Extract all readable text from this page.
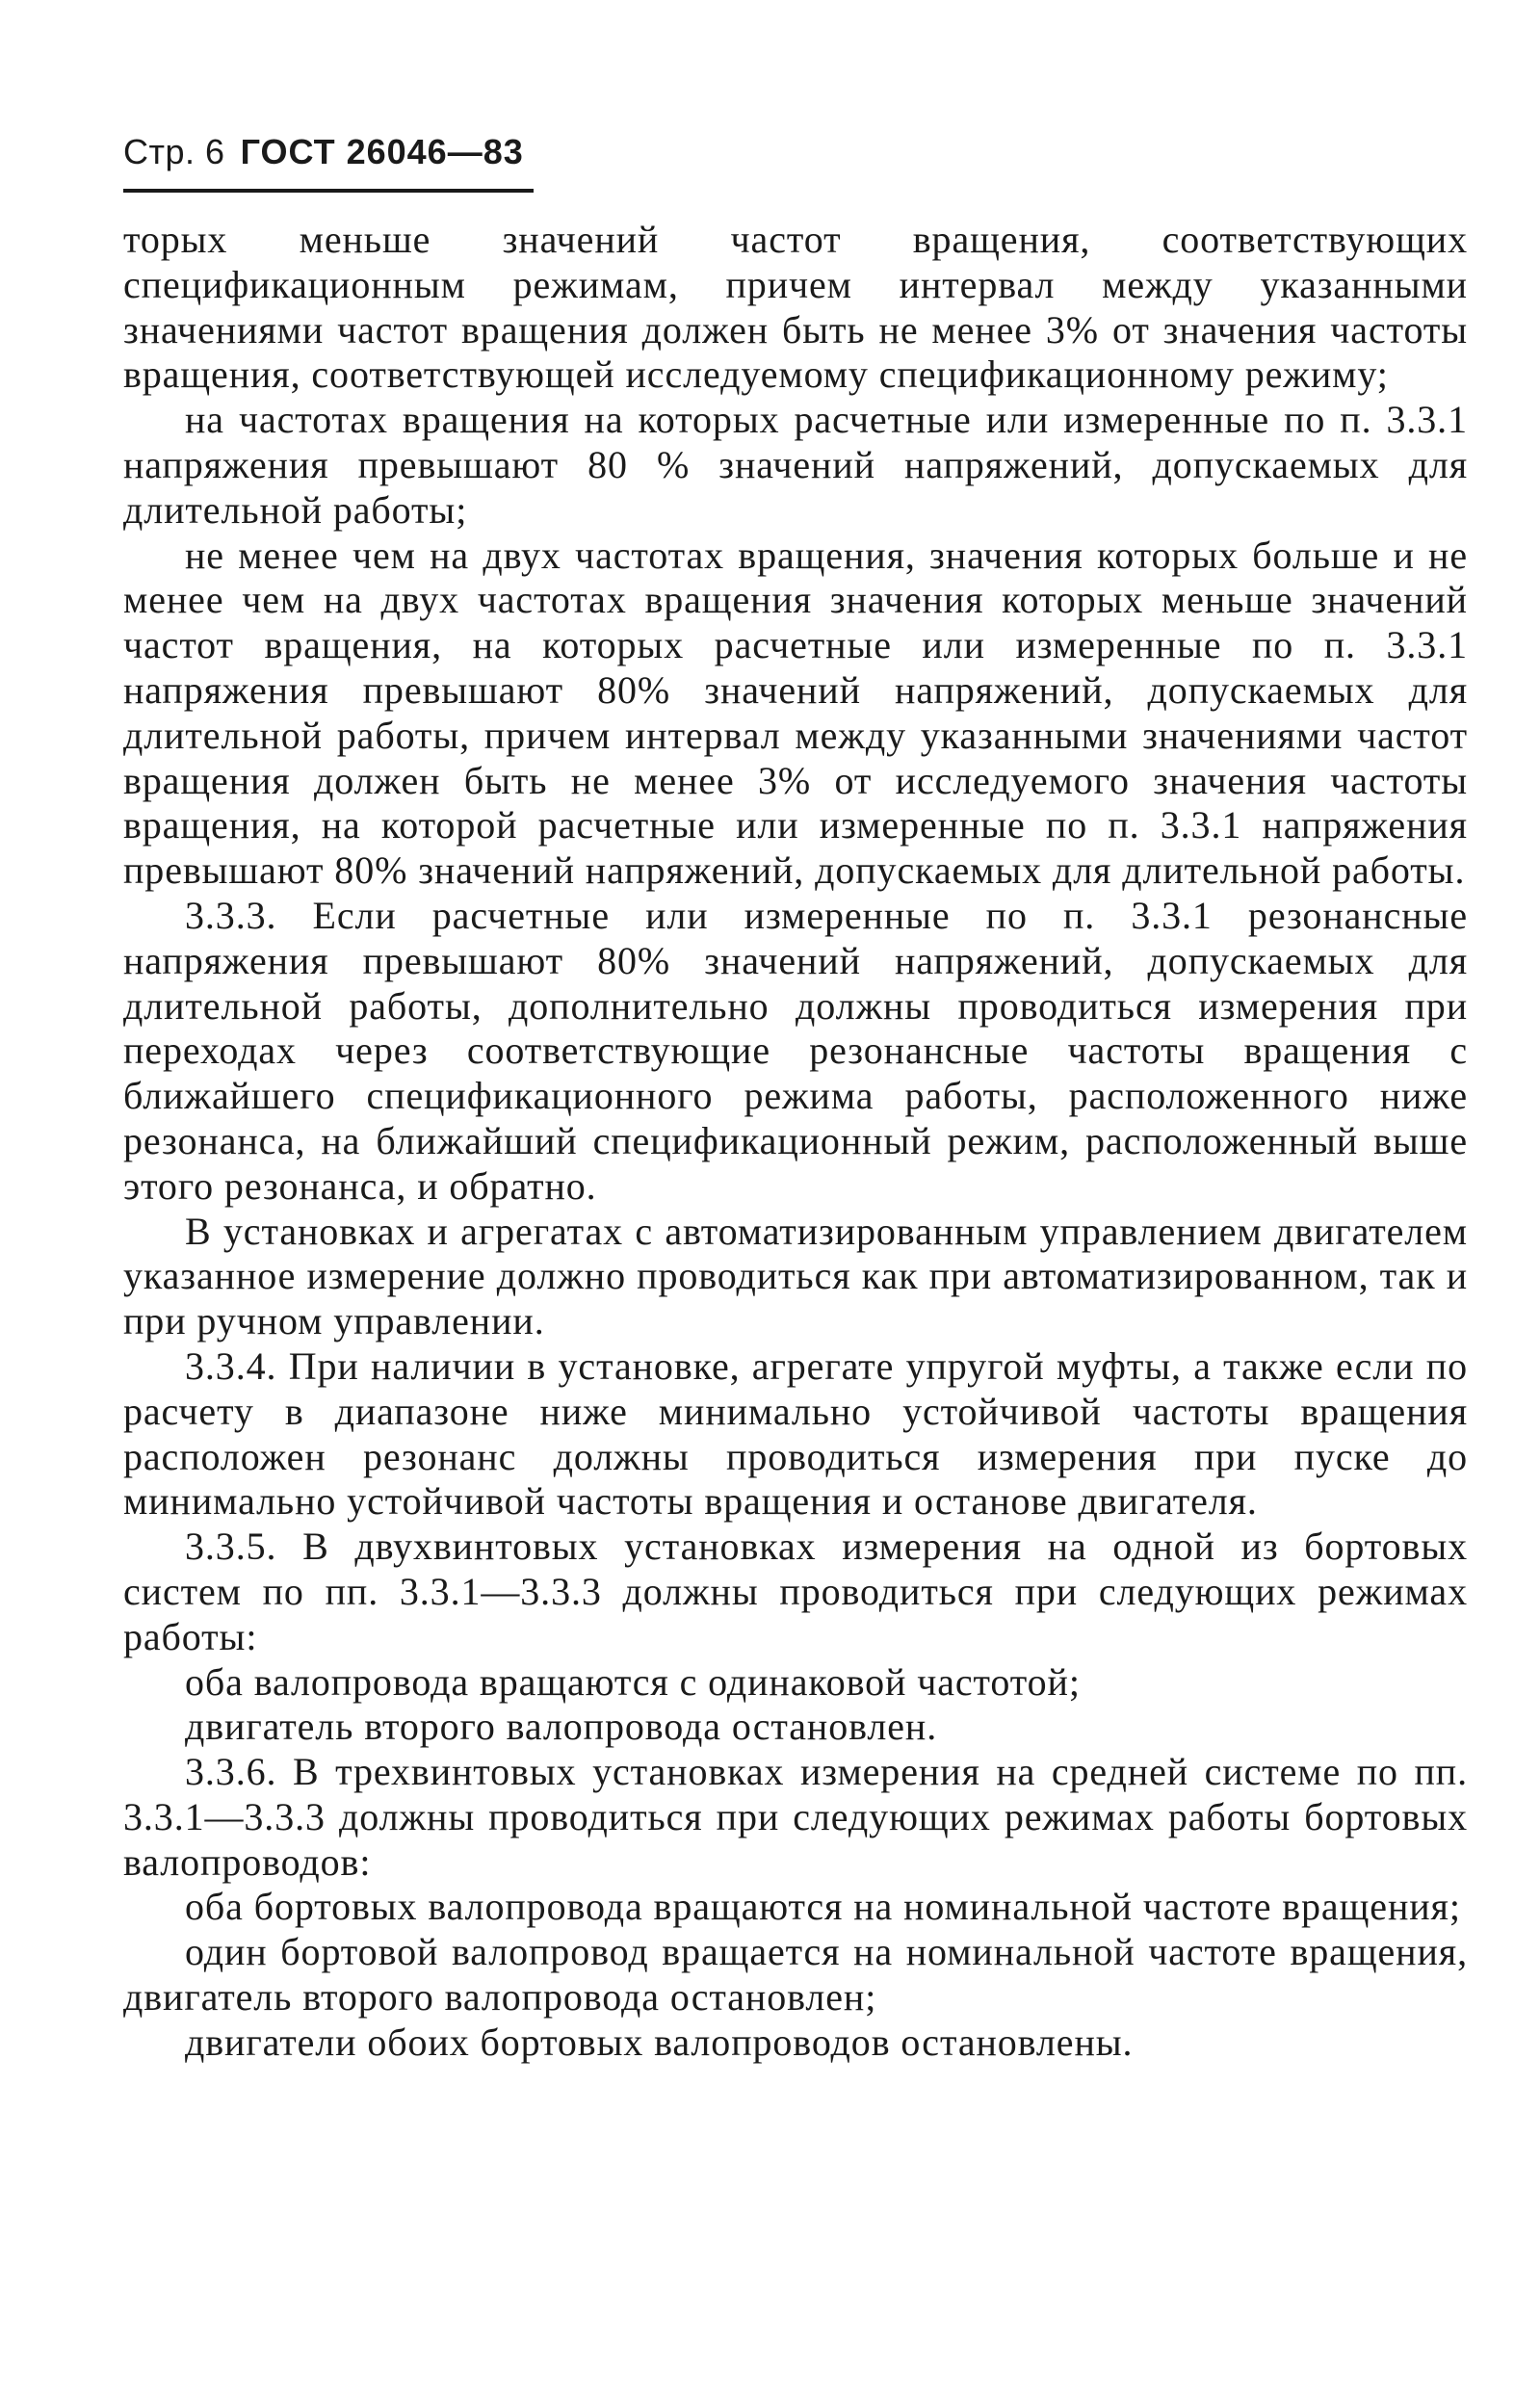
Стр. 6 ГОСТ 26046—83

торых меньше значений частот вращения, соответствующих спецификационным режимам, причем интервал между указанными значениями частот вращения должен быть не менее 3% от значения частоты вращения, соответствующей исследуемому спецификационному режиму;

на частотах вращения на которых расчетные или измеренные по п. 3.3.1 напряжения превышают 80 % значений напряжений, допускаемых для длительной работы;

не менее чем на двух частотах вращения, значения которых больше и не менее чем на двух частотах вращения значения которых меньше значений частот вращения, на которых расчетные или измеренные по п. 3.3.1 напряжения превышают 80% значений напряжений, допускаемых для длительной работы, причем интервал между указанными значениями частот вращения должен быть не менее 3% от исследуемого значения частоты вращения, на которой расчетные или измеренные по п. 3.3.1 напряжения превышают 80% значений напряжений, допускаемых для длительной работы.

3.3.3. Если расчетные или измеренные по п. 3.3.1 резонансные напряжения превышают 80% значений напряжений, допускаемых для длительной работы, дополнительно должны проводиться измерения при переходах через соответствующие резонансные частоты вращения с ближайшего спецификационного режима работы, расположенного ниже резонанса, на ближайший спецификационный режим, расположенный выше этого резонанса, и обратно.

В установках и агрегатах с автоматизированным управлением двигателем указанное измерение должно проводиться как при автоматизированном, так и при ручном управлении.

3.3.4. При наличии в установке, агрегате упругой муфты, а также если по расчету в диапазоне ниже минимально устойчивой частоты вращения расположен резонанс должны проводиться измерения при пуске до минимально устойчивой частоты вращения и останове двигателя.

3.3.5. В двухвинтовых установках измерения на одной из бортовых систем по пп. 3.3.1—3.3.3 должны проводиться при следующих режимах работы:

оба валопровода вращаются с одинаковой частотой;

двигатель второго валопровода остановлен.

3.3.6. В трехвинтовых установках измерения на средней системе по пп. 3.3.1—3.3.3 должны проводиться при следующих режимах работы бортовых валопроводов:

оба бортовых валопровода вращаются на номинальной частоте вращения;

один бортовой валопровод вращается на номинальной частоте вращения, двигатель второго валопровода остановлен;

двигатели обоих бортовых валопроводов остановлены.
